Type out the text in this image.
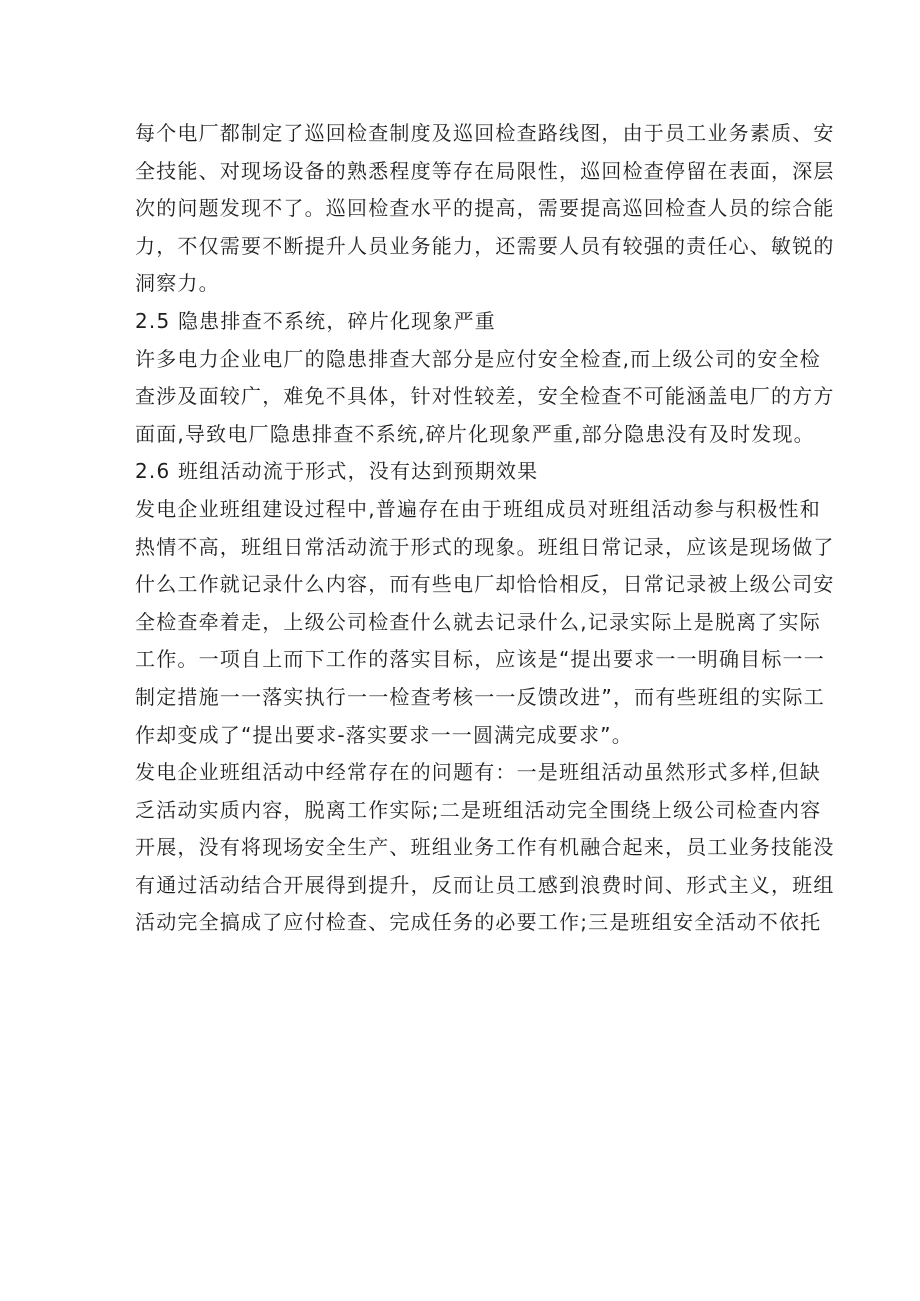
每个电厂都制定了巡回检查制度及巡回检查路线图，由于员工业务素质、安
全技能、对现场设备的熟悉程度等存在局限性，巡回检查停留在表面，深层
次的问题发现不了。巡回检查水平的提高，需要提高巡回检查人员的综合能
力，不仅需要不断提升人员业务能力，还需要人员有较强的责任心、敏锐的
洞察力。
2.5 隐患排查不系统，碎片化现象严重
许多电力企业电厂的隐患排查大部分是应付安全检查,而上级公司的安全检
查涉及面较广，难免不具体，针对性较差，安全检查不可能涵盖电厂的方方
面面,导致电厂隐患排查不系统,碎片化现象严重,部分隐患没有及时发现。
2.6 班组活动流于形式，没有达到预期效果
发电企业班组建设过程中,普遍存在由于班组成员对班组活动参与积极性和
热情不高，班组日常活动流于形式的现象。班组日常记录，应该是现场做了
什么工作就记录什么内容，而有些电厂却恰恰相反，日常记录被上级公司安
全检查牵着走，上级公司检查什么就去记录什么,记录实际上是脱离了实际
工作。一项自上而下工作的落实目标，应该是“提出要求一一明确目标一一
制定措施一一落实执行一一检查考核一一反馈改进”，而有些班组的实际工
作却变成了“提出要求-落实要求一一圆满完成要求”。
发电企业班组活动中经常存在的问题有：一是班组活动虽然形式多样,但缺
乏活动实质内容，脱离工作实际;二是班组活动完全围绕上级公司检查内容
开展，没有将现场安全生产、班组业务工作有机融合起来，员工业务技能没
有通过活动结合开展得到提升，反而让员工感到浪费时间、形式主义，班组
活动完全搞成了应付检查、完成任务的必要工作;三是班组安全活动不依托
